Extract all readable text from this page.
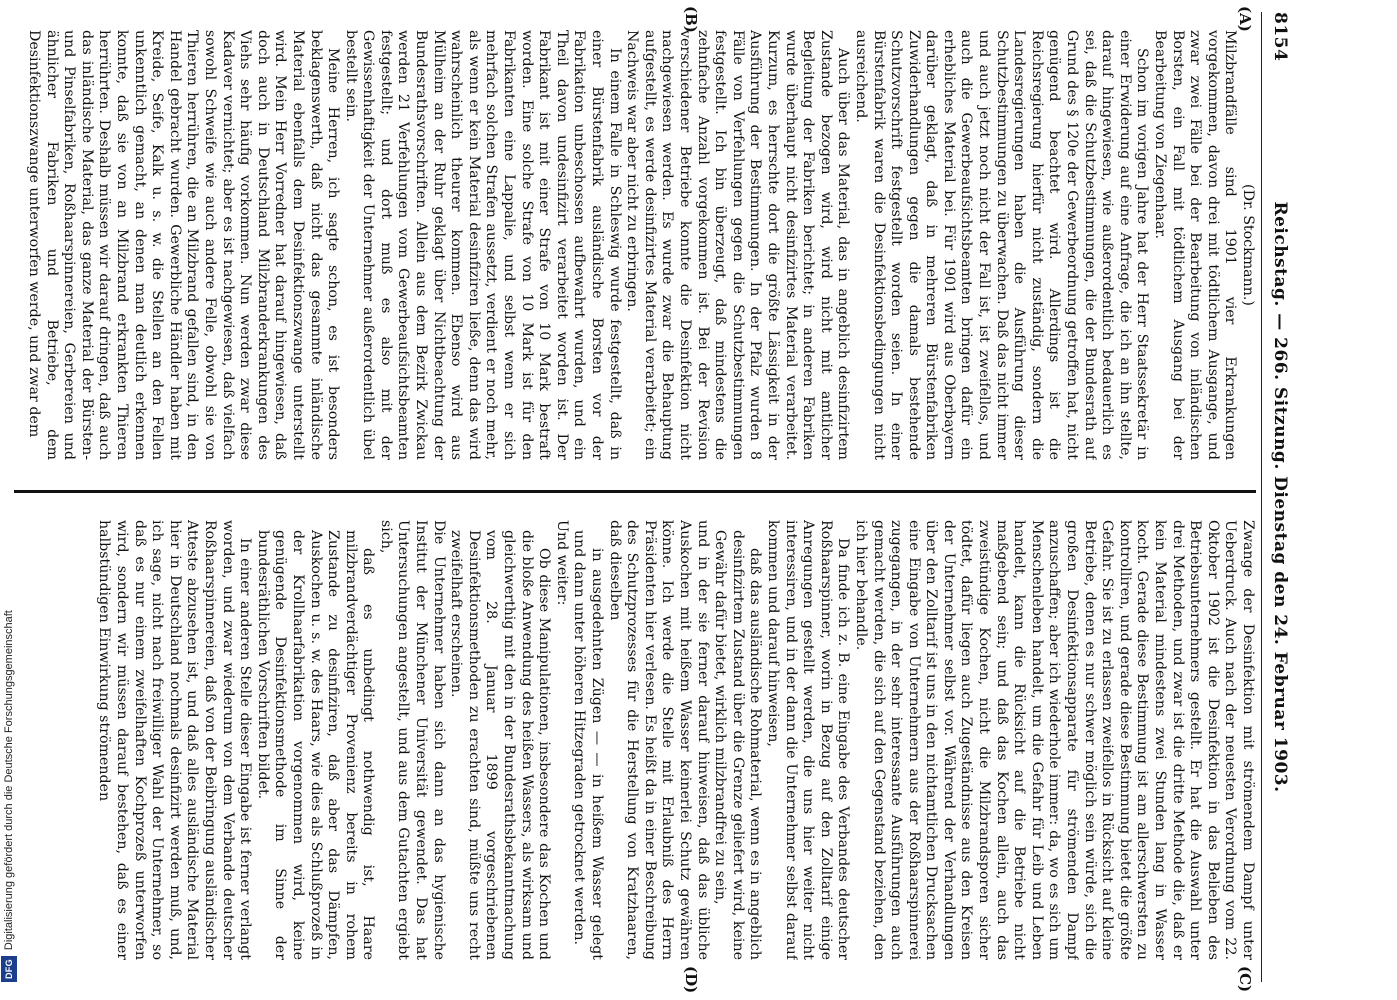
8154
Reichstag. — 266. Sitzung. Dienstag den 24. Februar 1903.
(A)
(B)
(C)
(D)

(Dr. Stockmann.)

Milzbrandfälle sind 1901 vier Erkrankungen vorgekommen, davon drei mit tödtlichem Ausgange, und zwar zwei Fälle bei der Bearbeitung von inländischen Borsten, ein Fall mit tödtlichem Ausgang bei der Bearbeitung von Ziegenhaar.

Schon im vorigen Jahre hat der Herr Staatssekretär in einer Erwiderung auf eine Anfrage, die ich an ihn stellte, darauf hingewiesen, wie außerordentlich bedauerlich es sei, daß die Schutzbestimmungen, die der Bundesrath auf Grund des § 120e der Gewerbeordnung getroffen hat, nicht genügend beachtet wird. Allerdings ist die Reichsregierung hierfür nicht zuständig, sondern die Landesregierungen haben die Ausführung dieser Schutzbestimmungen zu überwachen. Daß das nicht immer und auch jetzt noch nicht der Fall ist, ist zweifellos, und auch die Gewerbeaufsichtsbeamten bringen dafür ein erhebliches Material bei. Für 1901 wird aus Oberbayern darüber geklagt, daß in mehreren Bürstenfabriken Zuwiderhandlungen gegen die damals bestehende Schutzvorschrift festgestellt worden seien. In einer Bürstenfabrik waren die Desinfektionsbedingungen nicht ausreichend.

Auch über das Material, das in angeblich desinfizirtem Zustande bezogen wird, wird nicht mit amtlicher Begleitung der Fabriken berichtet; in anderen Fabriken wurde überhaupt nicht desinfizirtes Material verarbeitet. Kurzum, es herrschte dort die größte Lässigkeit in der Ausführung der Bestimmungen. In der Pfalz wurden 8 Fälle von Verfehlungen gegen die Schutzbestimmungen festgestellt. Ich bin überzeugt, daß mindestens die zehnfache Anzahl vorgekommen ist. Bei der Revision verschiedener Betriebe konnte die Desinfektion nicht nachgewiesen werden. Es wurde zwar die Behauptung aufgestellt, es werde desinfizirtes Material verarbeitet; ein Nachweis war aber nicht zu erbringen.

In einem Falle in Schleswig wurde festgestellt, daß in einer Bürstenfabrik ausländische Borsten vor der Fabrikation unbeschossen aufbewahrt wurden, und ein Theil davon undesinfizirt verarbeitet worden ist. Der Fabrikant ist mit einer Strafe von 10 Mark bestraft worden. Eine solche Strafe von 10 Mark ist für den Fabrikanten eine Lappalie, und selbst wenn er sich mehrfach solchen Strafen aussetzt, verdient er noch mehr, als wenn er kein Material desinfiziren ließe, denn das wird wahrscheinlich theurer kommen. Ebenso wird aus Mülheim an der Ruhr geklagt über Nichtbeachtung der Bundesrathsvorschriften. Allein aus dem Bezirk Zwickau werden 21 Verfehlungen vom Gewerbeaufsichtsbeamten festgestellt; und dort muß es also mit der Gewissenhaftigkeit der Unternehmer außerordentlich übel bestellt sein.

Meine Herren, ich sagte schon, es ist besonders beklagenswerth, daß nicht das gesammte inländische Material ebenfalls dem Desinfektionszwange unterstellt wird. Mein Herr Vorredner hat darauf hingewiesen, daß doch auch in Deutschland Milzbranderkrankungen des Viehs sehr häufig vorkommen. Nun werden zwar diese Kadaver vernichtet; aber es ist nachgewiesen, daß vielfach sowohl Schweife wie auch andere Felle, obwohl sie von Thieren herrühren, die an Milzbrand gefallen sind, in den Handel gebracht wurden. Gewerbliche Händler haben mit Kreide, Seife, Kalk u. s. w. die Stellen an den Fellen unkenntlich gemacht, an denen man deutlich erkennen konnte, daß sie von an Milzbrand erkrankten Thieren herrührten. Deshalb müssen wir darauf dringen, daß auch das inländische Material, das ganze Material der Bürsten- und Pinselfabriken, Roßhaarspinnereien, Gerbereien und ähnlicher Fabriken und Betriebe, dem Desinfektionszwange unterworfen werde, und zwar dem

Zwange der Desinfektion mit strömendem Dampf unter Ueberdruck. Auch nach der neuesten Verordnung vom 22. Oktober 1902 ist die Desinfektion in das Belieben des Betriebsunternehmers gestellt. Er hat die Auswahl unter drei Methoden, und zwar ist die dritte Methode die, daß er kein Material mindestens zwei Stunden lang in Wasser kocht. Gerade diese Bestimmung ist am allerschwersten zu kontrolliren, und gerade diese Bestimmung bietet die größte Gefahr. Sie ist zu erlassen zweifellos in Rücksicht auf kleine Betriebe, denen es nur schwer möglich sein würde, sich die großen Desinfektionsapparate für strömenden Dampf anzuschaffen; aber ich wiederhole immer: da, wo es sich um Menschenleben handelt, um die Gefahr für Leib und Leben handelt, kann die Rücksicht auf die Betriebe nicht maßgebend sein; und daß das Kochen allein, auch das zweistündige Kochen, nicht die Milzbrandsporen sicher tödtet, dafür liegen auch Zugeständnisse aus den Kreisen der Unternehmer selbst vor. Während der Verhandlungen über den Zolltarif ist uns in den nichtamtlichen Drucksachen eine Eingabe von Unternehmern aus der Roßhaarspinnerei zugegangen, in der sehr interessante Ausführungen auch gemacht werden, die sich auf den Gegenstand beziehen, den ich hier behandle.

Da finde ich z. B. eine Eingabe des Verbandes deutscher Roßhaarspinner, worin in Bezug auf den Zolltarif einige Anregungen gestellt werden, die uns hier weiter nicht interessiren, und in der dann die Unternehmer selbst darauf kommen und darauf hinweisen,

daß das ausländische Rohmaterial, wenn es in angeblich desinfizirtem Zustand über die Grenze geliefert wird, keine Gewähr dafür bietet, wirklich milzbrandfrei zu sein,

und in der sie ferner darauf hinweisen, daß das übliche Auskochen mit heißem Wasser keinerlei Schutz gewähren könne. Ich werde die Stelle mit Erlaubniß des Herrn Präsidenten hier verlesen. Es heißt da in einer Beschreibung des Schutzprozesses für die Herstellung von Kratzhaaren, daß dieselben

in ausgedehnten Zügen — — in heißem Wasser gelegt und dann unter höheren Hitzegraden getrocknet werden.

Und weiter:

Ob diese Manipulationen, insbesondere das Kochen und die bloße Anwendung des heißen Wassers, als wirksam und gleichwerthig mit den in der Bundesrathsbekanntmachung vom 28. Januar 1899 vorgeschriebenen Desinfektionsmethoden zu erachten sind, müßte uns recht zweifelhaft erscheinen.

Die Unternehmer haben sich dann an das hygienische Institut der Münchener Universität gewendet. Das hat Untersuchungen angestellt, und aus dem Gutachten ergiebt sich,

daß es unbedingt nothwendig ist, Haare milzbrandverdächtiger Provenienz bereits in rohem Zustande zu desinfiziren, daß aber das Dämpfen, Auskochen u. s. w. des Haars, wie dies als Schlußprozeß in der Krollhaarfabrikation vorgenommen wird, keine genügende Desinfektionsmethode im Sinne der bundesräthlichen Vorschriften bildet.

In einer anderen Stelle dieser Eingabe ist ferner verlangt worden, und zwar wiederum von dem Verbande deutscher Roßhaarspinnereien, daß von der Beibringung ausländischer Atteste abzusehen ist, und daß alles ausländische Material hier in Deutschland nochmals desinfizirt werden muß, und, ich sage, nicht nach freiwilliger Wahl der Unternehmer, so daß es nur einem zweifelhaften Kochprozeß unterworfen wird, sondern wir müssen darauf bestehen, daß es einer halbstündigen Einwirkung strömenden

DFGDigitalisierung gefördert durch die Deutsche Forschungsgemeinschaft
